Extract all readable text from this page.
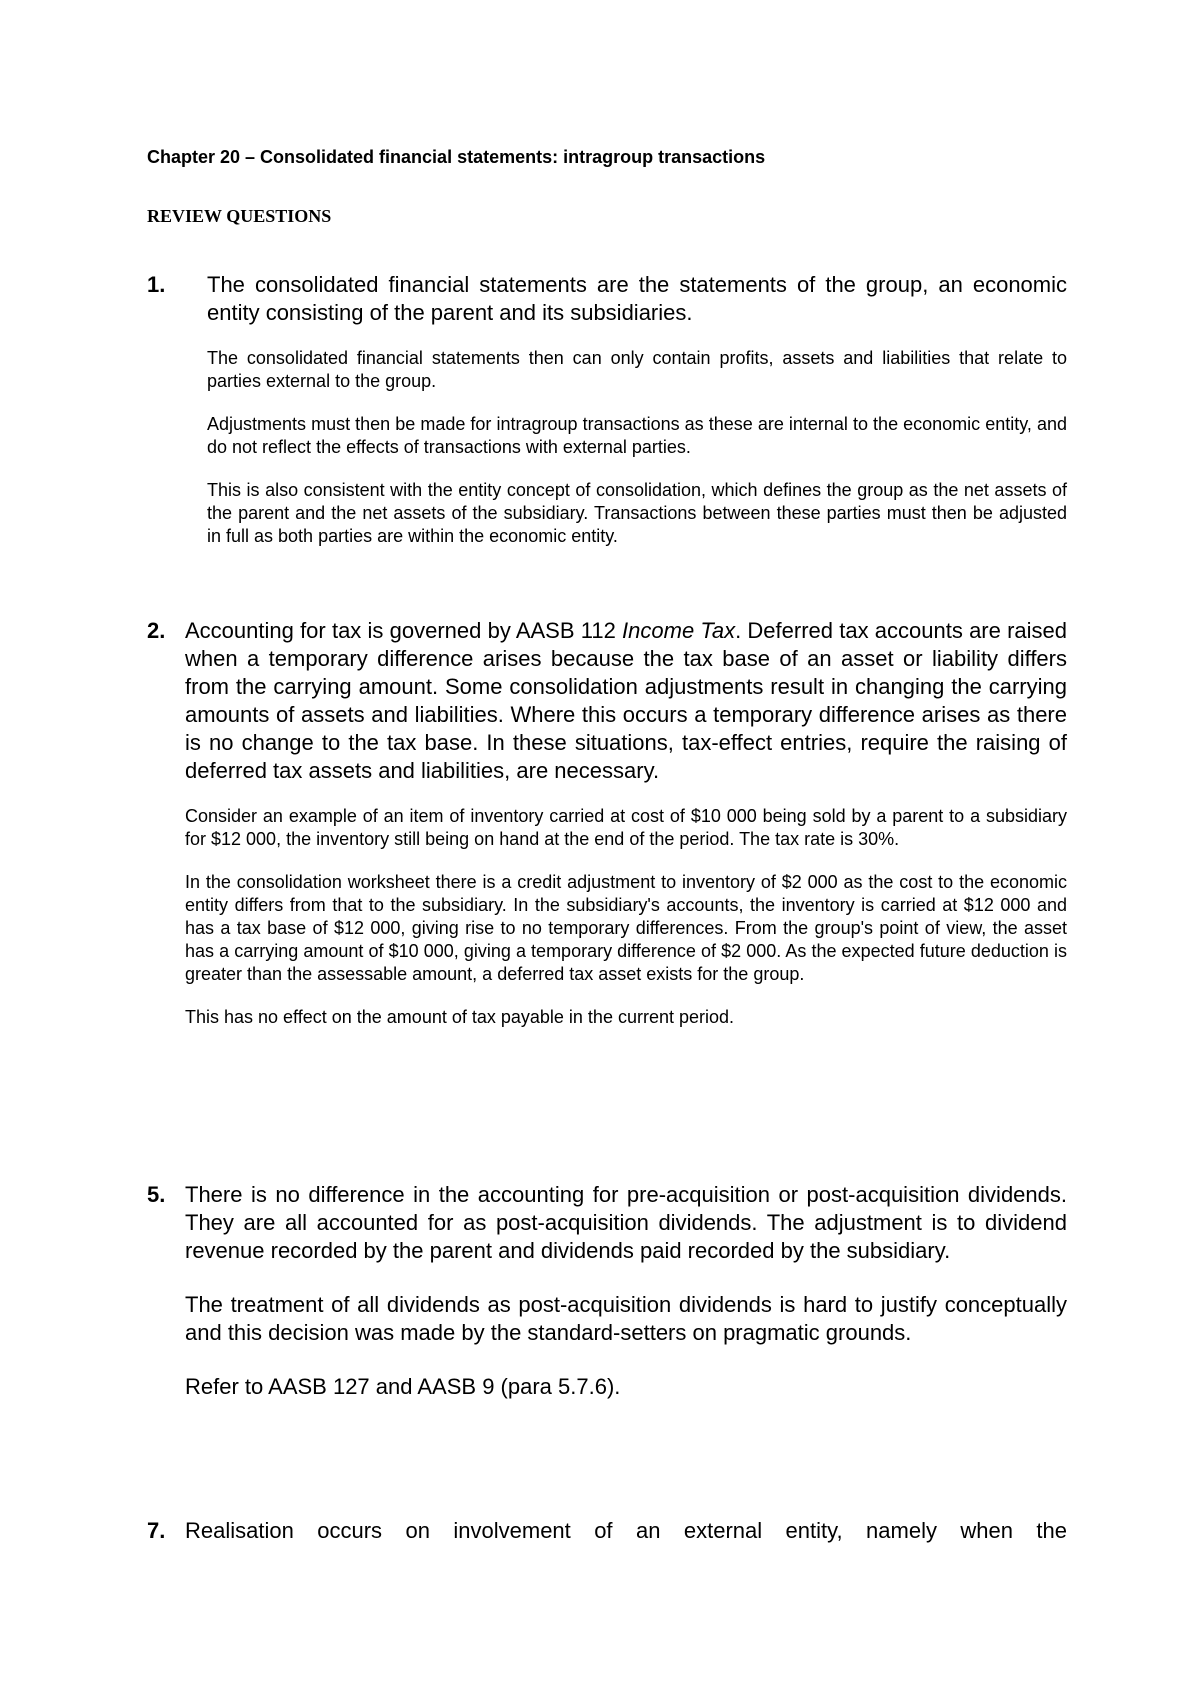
Chapter 20 – Consolidated financial statements: intragroup transactions
REVIEW QUESTIONS
1. The consolidated financial statements are the statements of the group, an economic entity consisting of the parent and its subsidiaries.

The consolidated financial statements then can only contain profits, assets and liabilities that relate to parties external to the group.

Adjustments must then be made for intragroup transactions as these are internal to the economic entity, and do not reflect the effects of transactions with external parties.

This is also consistent with the entity concept of consolidation, which defines the group as the net assets of the parent and the net assets of the subsidiary. Transactions between these parties must then be adjusted in full as both parties are within the economic entity.

2. Accounting for tax is governed by AASB 112 Income Tax. Deferred tax accounts are raised when a temporary difference arises because the tax base of an asset or liability differs from the carrying amount. Some consolidation adjustments result in changing the carrying amounts of assets and liabilities. Where this occurs a temporary difference arises as there is no change to the tax base. In these situations, tax-effect entries, require the raising of deferred tax assets and liabilities, are necessary.

Consider an example of an item of inventory carried at cost of $10 000 being sold by a parent to a subsidiary for $12 000, the inventory still being on hand at the end of the period. The tax rate is 30%.

In the consolidation worksheet there is a credit adjustment to inventory of $2 000 as the cost to the economic entity differs from that to the subsidiary. In the subsidiary's accounts, the inventory is carried at $12 000 and has a tax base of $12 000, giving rise to no temporary differences. From the group's point of view, the asset has a carrying amount of $10 000, giving a temporary difference of $2 000. As the expected future deduction is greater than the assessable amount, a deferred tax asset exists for the group.

This has no effect on the amount of tax payable in the current period.

5. There is no difference in the accounting for pre-acquisition or post-acquisition dividends. They are all accounted for as post-acquisition dividends. The adjustment is to dividend revenue recorded by the parent and dividends paid recorded by the subsidiary.

The treatment of all dividends as post-acquisition dividends is hard to justify conceptually and this decision was made by the standard-setters on pragmatic grounds.

Refer to AASB 127 and AASB 9 (para 5.7.6).

7. Realisation occurs on involvement of an external entity, namely when the
